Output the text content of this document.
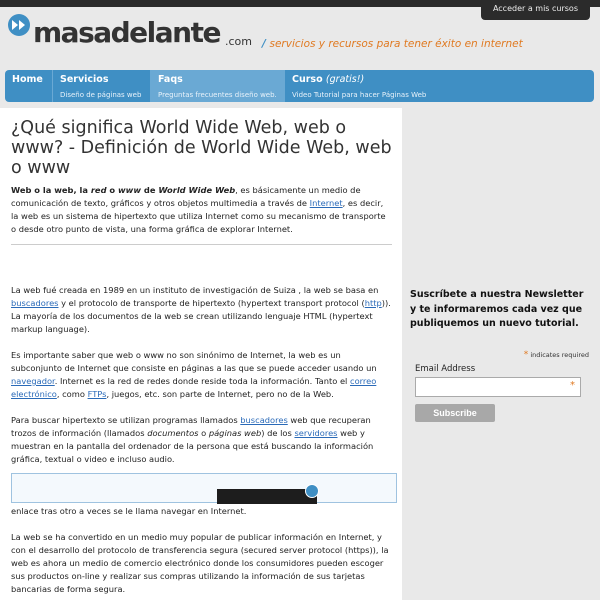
Acceder a mis cursos
masadelante .com / servicios y recursos para tener éxito en internet
Home Servicios
Diseño de páginas web
Faqs
Preguntas frecuentes diseño web.
Curso (gratis!)
Video Tutorial para hacer Páginas Web
¿Qué significa World Wide Web, web o www? - Definición de World Wide Web, web o www

Web o la web, la red o www de World Wide Web, es básicamente un medio de comunicación de texto, gráficos y otros objetos multimedia a través de Internet, es decir, la web es un sistema de hipertexto que utiliza Internet como su mecanismo de transporte o desde otro punto de vista, una forma gráfica de explorar Internet.

La web fué creada en 1989 en un instituto de investigación de Suiza , la web se basa en buscadores y el protocolo de transporte de hipertexto (hypertext transport protocol (http)). La mayoría de los documentos de la web se crean utilizando lenguaje HTML (hypertext markup language).

Es importante saber que web o www no son sinónimo de Internet, la web es un subconjunto de Internet que consiste en páginas a las que se puede acceder usando un navegador. Internet es la red de redes donde reside toda la información. Tanto el correo electrónico, como FTPs, juegos, etc. son parte de Internet, pero no de la Web.

Para buscar hipertexto se utilizan programas llamados buscadores web que recuperan trozos de información (llamados documentos o páginas web) de los servidores web y muestran en la pantalla del ordenador de la persona que está buscando la información gráfica, textual o video e incluso audio.

enlace tras otro a veces se le llama navegar en Internet.

La web se ha convertido en un medio muy popular de publicar información en Internet, y con el desarrollo del protocolo de transferencia segura (secured server protocol (https)), la web es ahora un medio de comercio electrónico donde los consumidores pueden escoger sus productos on-line y realizar sus compras utilizando la información de sus tarjetas bancarias de forma segura.

Suscríbete a nuestra Newsletter y te informaremos cada vez que publiquemos un nuevo tutorial.
* indicates required
Email Address
*
Subscribe
